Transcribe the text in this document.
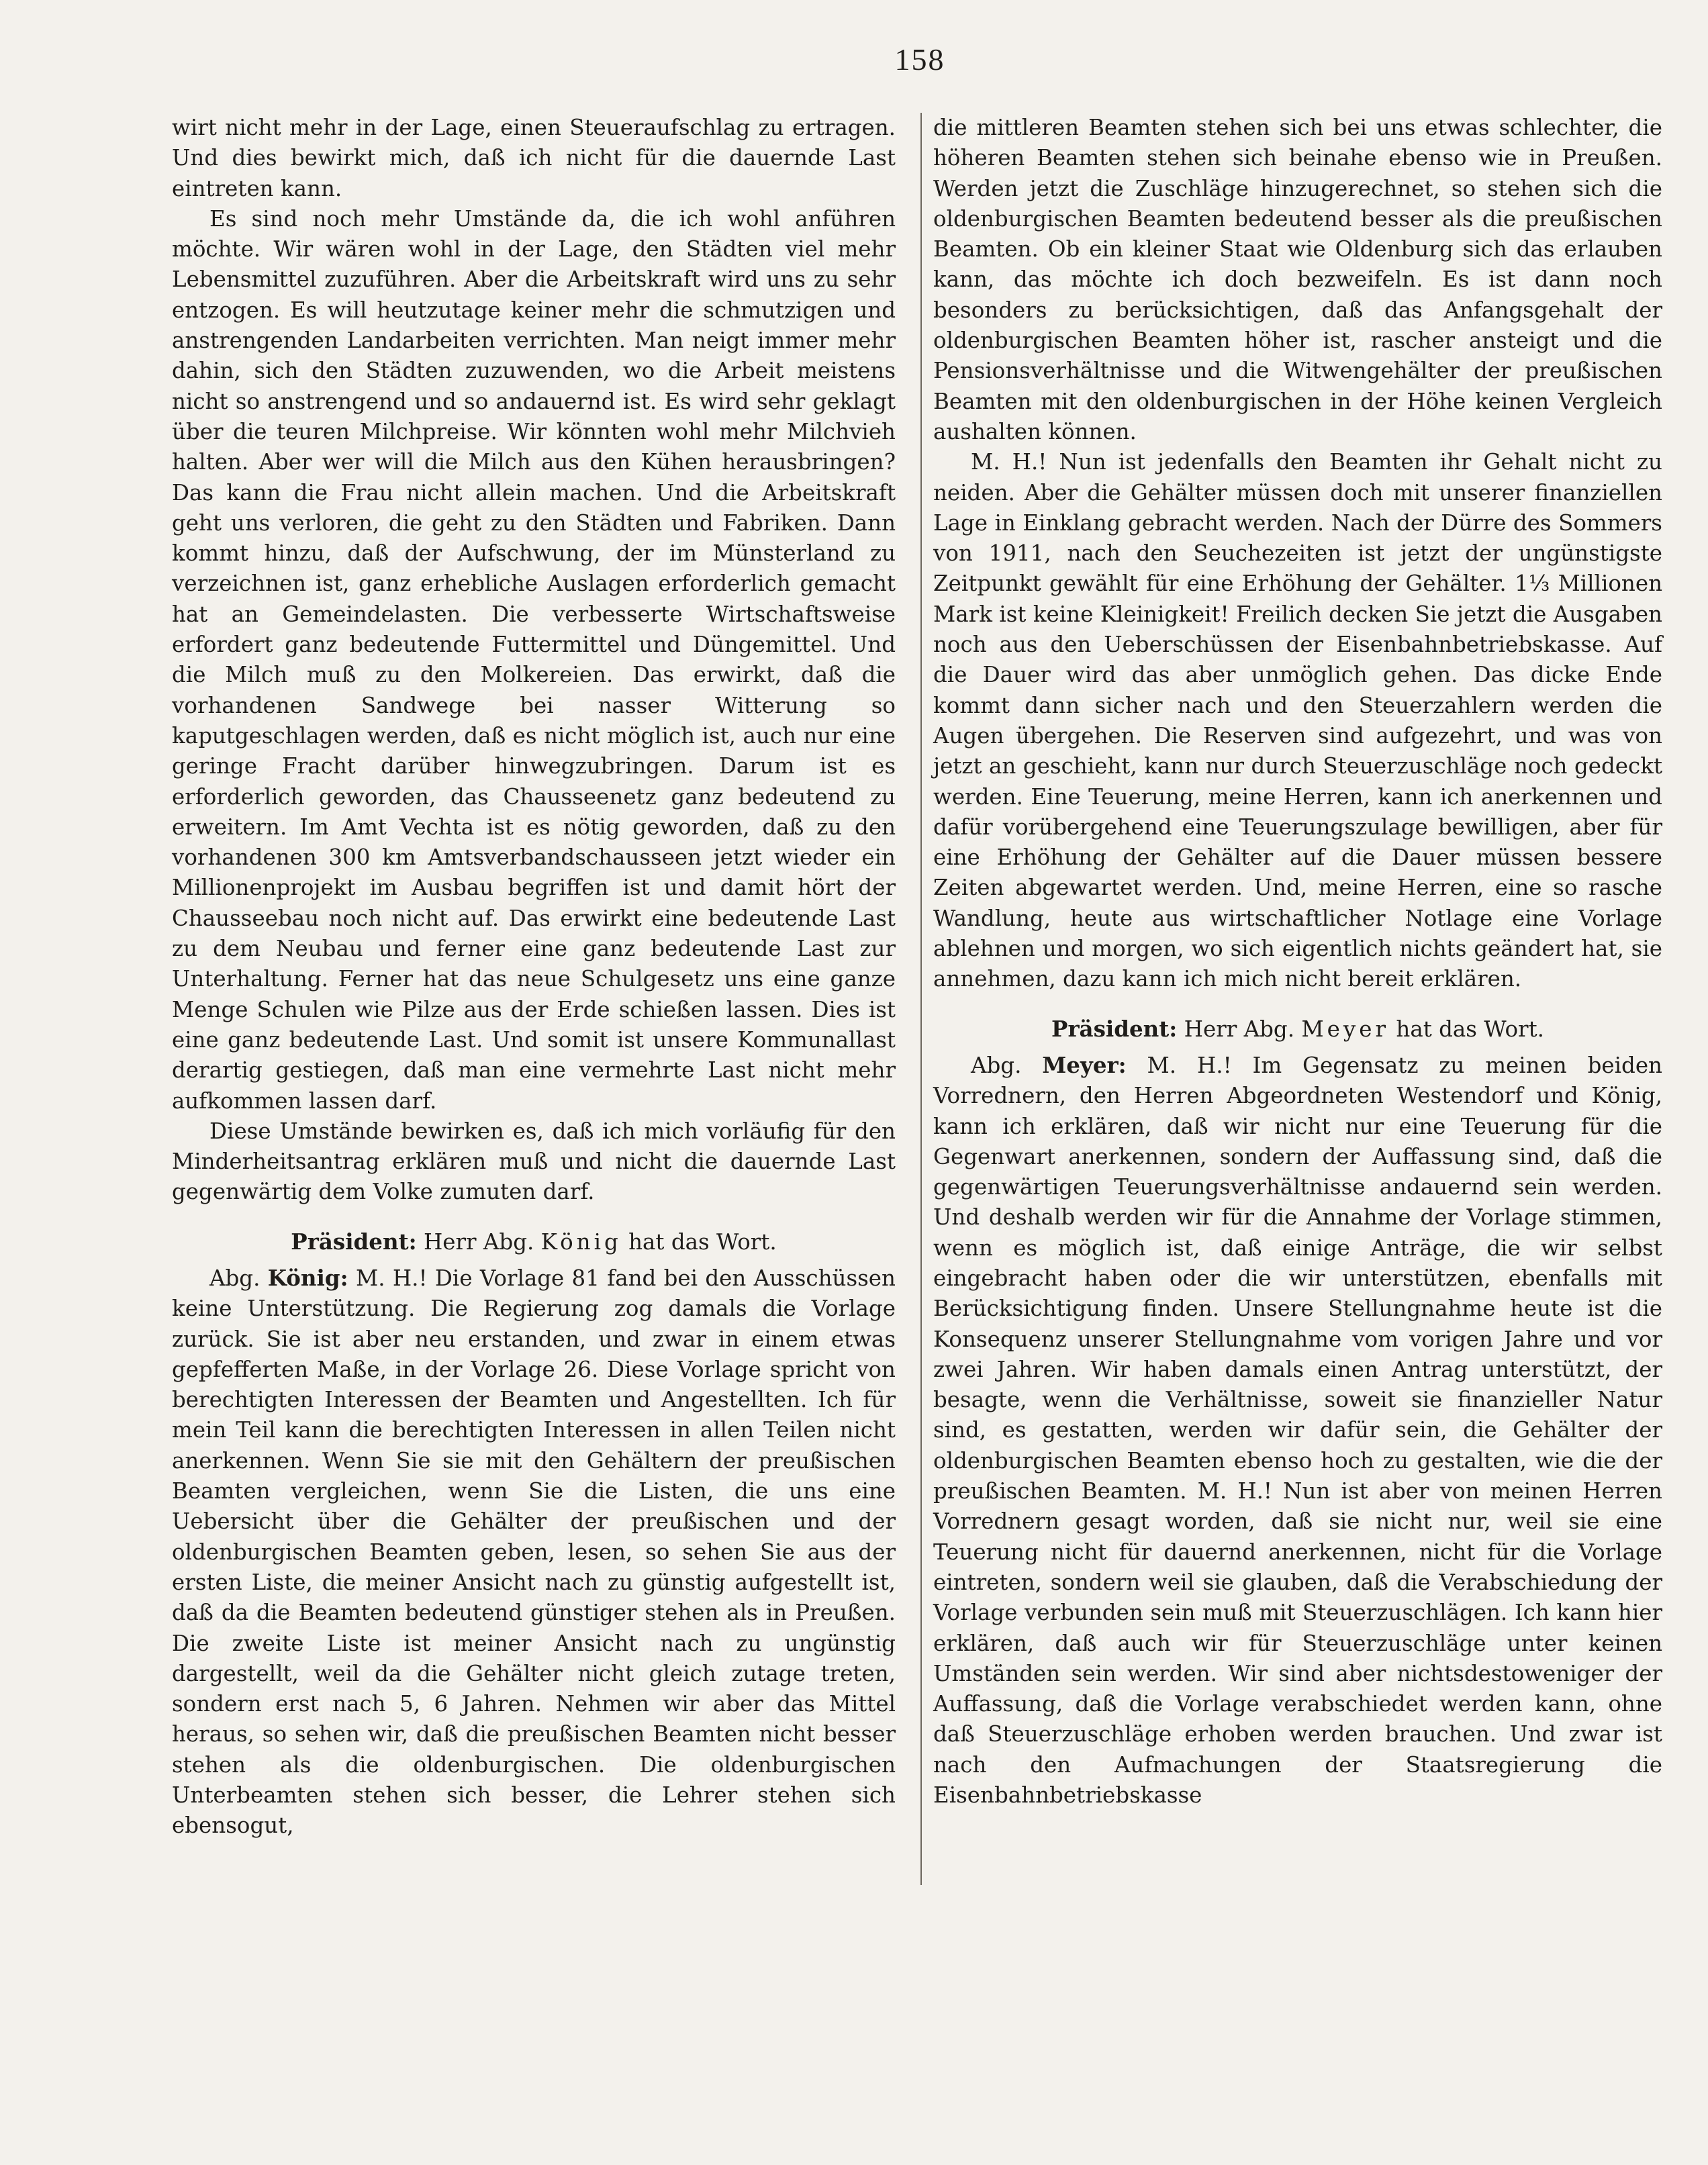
158

wirt nicht mehr in der Lage, einen Steueraufschlag zu ertragen. Und dies bewirkt mich, daß ich nicht für die dauernde Last eintreten kann.

Es sind noch mehr Umstände da, die ich wohl anführen möchte. Wir wären wohl in der Lage, den Städten viel mehr Lebensmittel zuzuführen. Aber die Arbeitskraft wird uns zu sehr entzogen. Es will heutzutage keiner mehr die schmutzigen und anstrengenden Landarbeiten verrichten. Man neigt immer mehr dahin, sich den Städten zuzuwenden, wo die Arbeit meistens nicht so anstrengend und so andauernd ist. Es wird sehr geklagt über die teuren Milchpreise. Wir könnten wohl mehr Milchvieh halten. Aber wer will die Milch aus den Kühen herausbringen? Das kann die Frau nicht allein machen. Und die Arbeitskraft geht uns verloren, die geht zu den Städten und Fabriken. Dann kommt hinzu, daß der Aufschwung, der im Münsterland zu verzeichnen ist, ganz erhebliche Auslagen erforderlich gemacht hat an Gemeindelasten. Die verbesserte Wirtschaftsweise erfordert ganz bedeutende Futtermittel und Düngemittel. Und die Milch muß zu den Molkereien. Das erwirkt, daß die vorhandenen Sandwege bei nasser Witterung so kaputgeschlagen werden, daß es nicht möglich ist, auch nur eine geringe Fracht darüber hinwegzubringen. Darum ist es erforderlich geworden, das Chausseenetz ganz bedeutend zu erweitern. Im Amt Vechta ist es nötig geworden, daß zu den vorhandenen 300 km Amtsverbandschausseen jetzt wieder ein Millionenprojekt im Ausbau begriffen ist und damit hört der Chausseebau noch nicht auf. Das erwirkt eine bedeutende Last zu dem Neubau und ferner eine ganz bedeutende Last zur Unterhaltung. Ferner hat das neue Schulgesetz uns eine ganze Menge Schulen wie Pilze aus der Erde schießen lassen. Dies ist eine ganz bedeutende Last. Und somit ist unsere Kommunallast derartig gestiegen, daß man eine vermehrte Last nicht mehr aufkommen lassen darf.

Diese Umstände bewirken es, daß ich mich vorläufig für den Minderheitsantrag erklären muß und nicht die dauernde Last gegenwärtig dem Volke zumuten darf.

Präsident: Herr Abg. König hat das Wort.

Abg. König: M. H.! Die Vorlage 81 fand bei den Ausschüssen keine Unterstützung. Die Regierung zog damals die Vorlage zurück. Sie ist aber neu erstanden, und zwar in einem etwas gepfefferten Maße, in der Vorlage 26. Diese Vorlage spricht von berechtigten Interessen der Beamten und Angestellten. Ich für mein Teil kann die berechtigten Interessen in allen Teilen nicht anerkennen. Wenn Sie sie mit den Gehältern der preußischen Beamten vergleichen, wenn Sie die Listen, die uns eine Uebersicht über die Gehälter der preußischen und der oldenburgischen Beamten geben, lesen, so sehen Sie aus der ersten Liste, die meiner Ansicht nach zu günstig aufgestellt ist, daß da die Beamten bedeutend günstiger stehen als in Preußen. Die zweite Liste ist meiner Ansicht nach zu ungünstig dargestellt, weil da die Gehälter nicht gleich zutage treten, sondern erst nach 5, 6 Jahren. Nehmen wir aber das Mittel heraus, so sehen wir, daß die preußischen Beamten nicht besser stehen als die oldenburgischen. Die oldenburgischen Unterbeamten stehen sich besser, die Lehrer stehen sich ebensogut,

die mittleren Beamten stehen sich bei uns etwas schlechter, die höheren Beamten stehen sich beinahe ebenso wie in Preußen. Werden jetzt die Zuschläge hinzugerechnet, so stehen sich die oldenburgischen Beamten bedeutend besser als die preußischen Beamten. Ob ein kleiner Staat wie Oldenburg sich das erlauben kann, das möchte ich doch bezweifeln. Es ist dann noch besonders zu berücksichtigen, daß das Anfangsgehalt der oldenburgischen Beamten höher ist, rascher ansteigt und die Pensionsverhältnisse und die Witwengehälter der preußischen Beamten mit den oldenburgischen in der Höhe keinen Vergleich aushalten können.

M. H.! Nun ist jedenfalls den Beamten ihr Gehalt nicht zu neiden. Aber die Gehälter müssen doch mit unserer finanziellen Lage in Einklang gebracht werden. Nach der Dürre des Sommers von 1911, nach den Seuchezeiten ist jetzt der ungünstigste Zeitpunkt gewählt für eine Erhöhung der Gehälter. 1⅓ Millionen Mark ist keine Kleinigkeit! Freilich decken Sie jetzt die Ausgaben noch aus den Ueberschüssen der Eisenbahnbetriebskasse. Auf die Dauer wird das aber unmöglich gehen. Das dicke Ende kommt dann sicher nach und den Steuerzahlern werden die Augen übergehen. Die Reserven sind aufgezehrt, und was von jetzt an geschieht, kann nur durch Steuerzuschläge noch gedeckt werden. Eine Teuerung, meine Herren, kann ich anerkennen und dafür vorübergehend eine Teuerungszulage bewilligen, aber für eine Erhöhung der Gehälter auf die Dauer müssen bessere Zeiten abgewartet werden. Und, meine Herren, eine so rasche Wandlung, heute aus wirtschaftlicher Notlage eine Vorlage ablehnen und morgen, wo sich eigentlich nichts geändert hat, sie annehmen, dazu kann ich mich nicht bereit erklären.

Präsident: Herr Abg. Meyer hat das Wort.

Abg. Meyer: M. H.! Im Gegensatz zu meinen beiden Vorrednern, den Herren Abgeordneten Westendorf und König, kann ich erklären, daß wir nicht nur eine Teuerung für die Gegenwart anerkennen, sondern der Auffassung sind, daß die gegenwärtigen Teuerungsverhältnisse andauernd sein werden. Und deshalb werden wir für die Annahme der Vorlage stimmen, wenn es möglich ist, daß einige Anträge, die wir selbst eingebracht haben oder die wir unterstützen, ebenfalls mit Berücksichtigung finden. Unsere Stellungnahme heute ist die Konsequenz unserer Stellungnahme vom vorigen Jahre und vor zwei Jahren. Wir haben damals einen Antrag unterstützt, der besagte, wenn die Verhältnisse, soweit sie finanzieller Natur sind, es gestatten, werden wir dafür sein, die Gehälter der oldenburgischen Beamten ebenso hoch zu gestalten, wie die der preußischen Beamten. M. H.! Nun ist aber von meinen Herren Vorrednern gesagt worden, daß sie nicht nur, weil sie eine Teuerung nicht für dauernd anerkennen, nicht für die Vorlage eintreten, sondern weil sie glauben, daß die Verabschiedung der Vorlage verbunden sein muß mit Steuerzuschlägen. Ich kann hier erklären, daß auch wir für Steuerzuschläge unter keinen Umständen sein werden. Wir sind aber nichtsdestoweniger der Auffassung, daß die Vorlage verabschiedet werden kann, ohne daß Steuerzuschläge erhoben werden brauchen. Und zwar ist nach den Aufmachungen der Staatsregierung die Eisenbahnbetriebskasse
